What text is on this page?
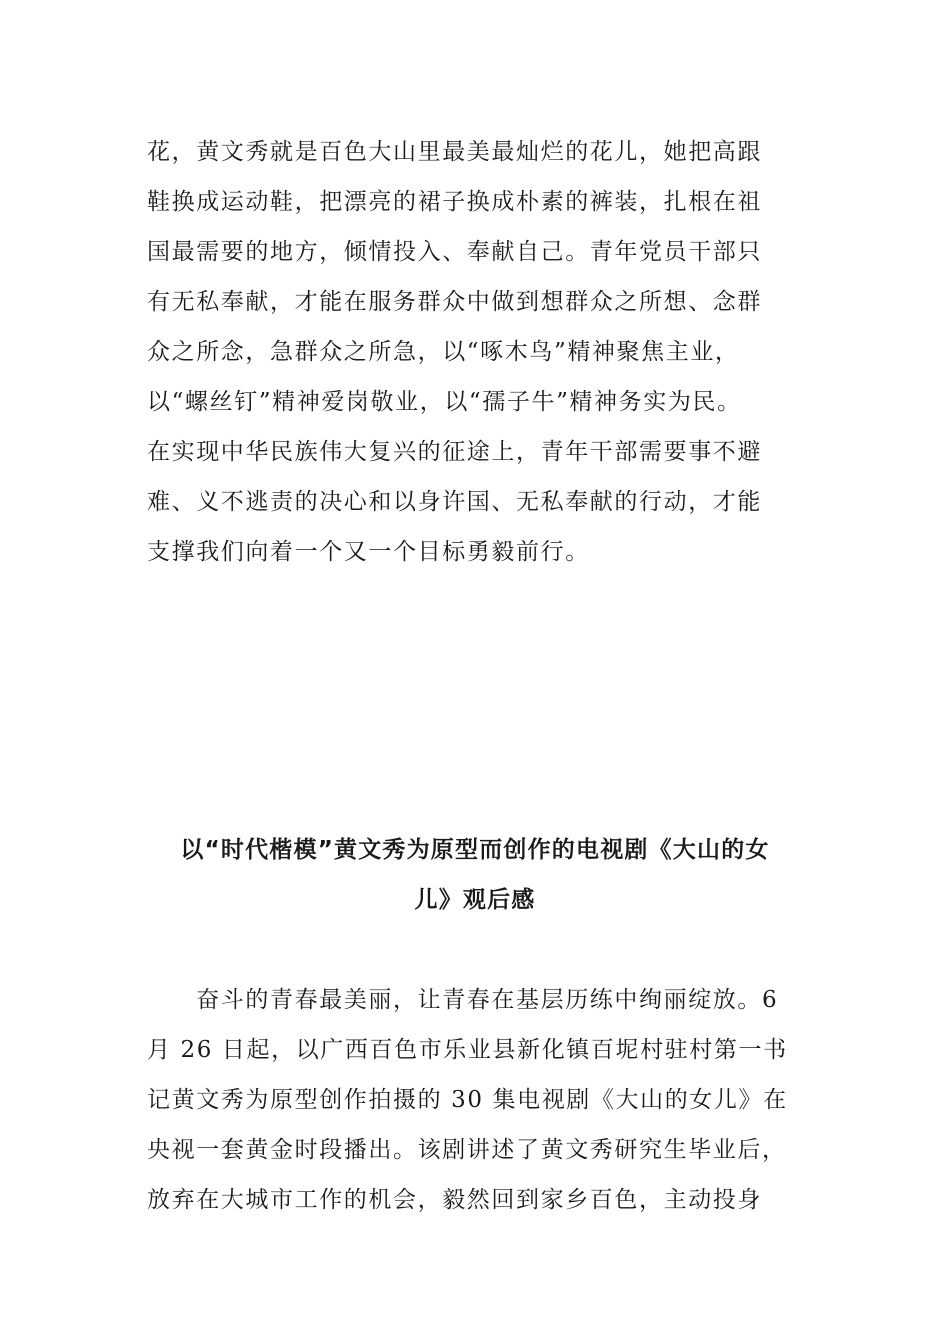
花，黄文秀就是百色大山里最美最灿烂的花儿，她把高跟
鞋换成运动鞋，把漂亮的裙子换成朴素的裤装，扎根在祖
国最需要的地方，倾情投入、奉献自己。青年党员干部只
有无私奉献，才能在服务群众中做到想群众之所想、念群
众之所念，急群众之所急，以“啄木鸟”精神聚焦主业，
以“螺丝钉”精神爱岗敬业，以“孺子牛”精神务实为民。
在实现中华民族伟大复兴的征途上，青年干部需要事不避
难、义不逃责的决心和以身许国、无私奉献的行动，才能
支撑我们向着一个又一个目标勇毅前行。
以“时代楷模”黄文秀为原型而创作的电视剧《大山的女
儿》观后感
　　奋斗的青春最美丽，让青春在基层历练中绚丽绽放。6
月 26 日起，以广西百色市乐业县新化镇百坭村驻村第一书
记黄文秀为原型创作拍摄的 30 集电视剧《大山的女儿》在
央视一套黄金时段播出。该剧讲述了黄文秀研究生毕业后，
放弃在大城市工作的机会，毅然回到家乡百色，主动投身
